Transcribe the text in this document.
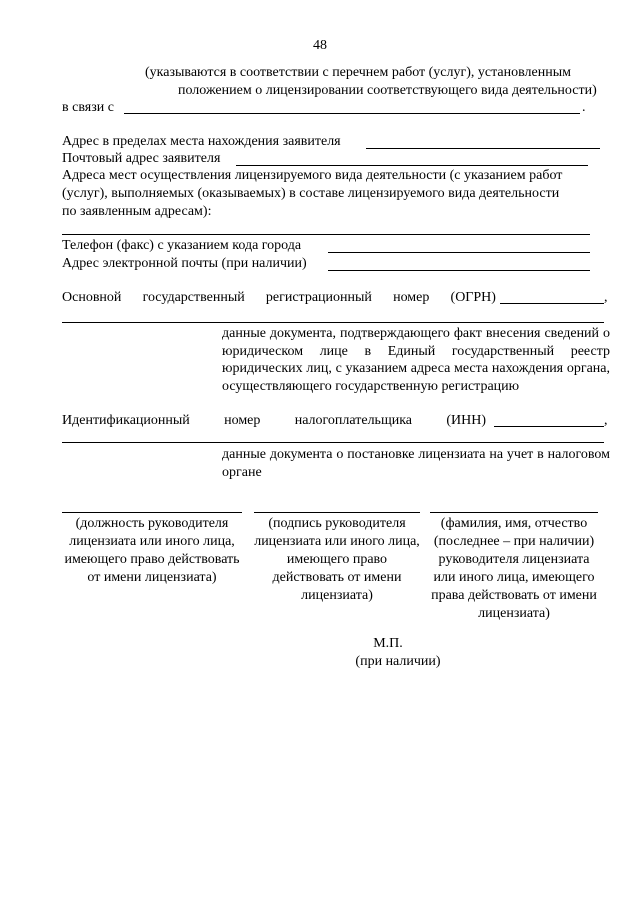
48
(указываются в соответствии с перечнем работ (услуг), установленным
положением о лицензировании соответствующего вида деятельности)
в связи с	.
Адрес в пределах места нахождения заявителя
Почтовый адрес заявителя
Адреса мест осуществления лицензируемого вида деятельности (с указанием работ
(услуг), выполняемых (оказываемых) в составе лицензируемого вида деятельности
по заявленным адресам):
Телефон (факс) с указанием кода города
Адрес электронной почты (при наличии)
Основной государственный регистрационный номер (ОГРН)	,
данные документа, подтверждающего факт внесения сведений о юридическом лице в Единый государственный реестр юридических лиц, с указанием адреса места нахождения органа, осуществляющего государственную регистрацию
Идентификационный номер налогоплательщика (ИНН)	,
данные документа о постановке лицензиата на учет в налоговом органе
(должность руководителя лицензиата или иного лица, имеющего право действовать от имени лицензиата)
(подпись руководителя лицензиата или иного лица, имеющего право действовать от имени лицензиата)
(фамилия, имя, отчество (последнее – при наличии) руководителя лицензиата или иного лица, имеющего права действовать от имени лицензиата)
М.П.
(при наличии)
